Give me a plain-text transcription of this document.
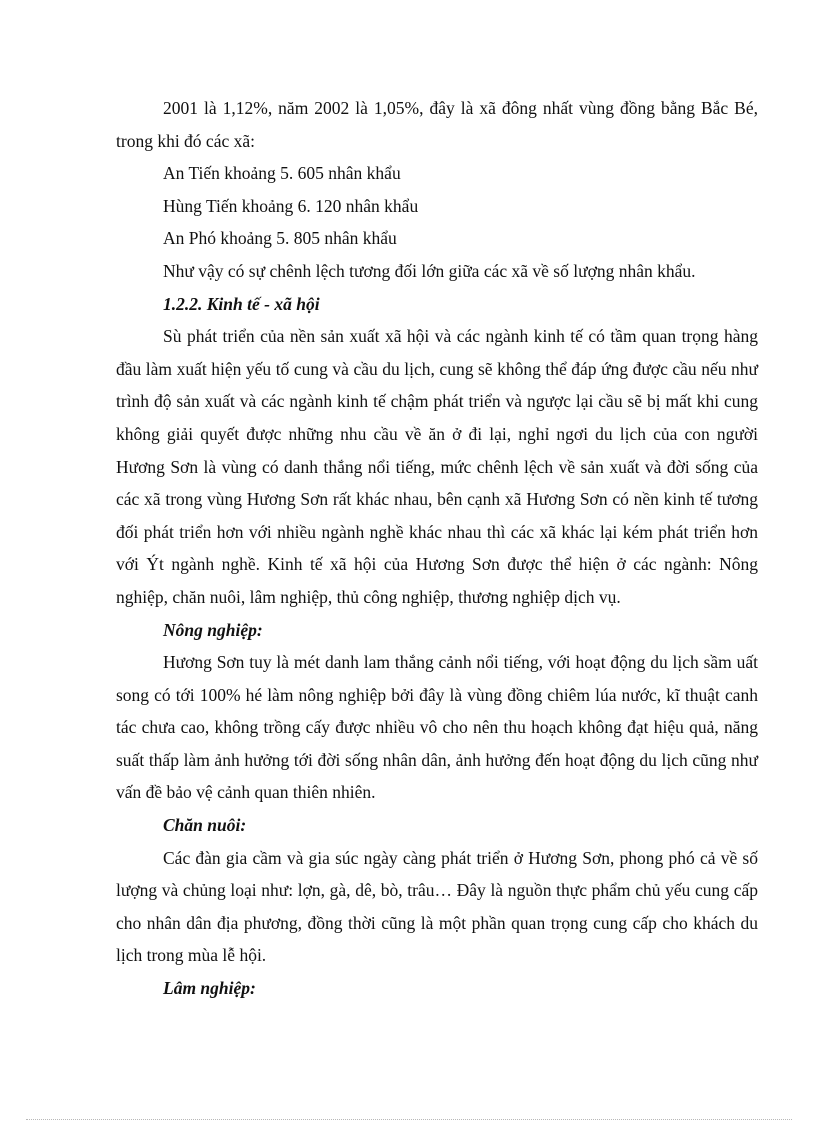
2001 là 1,12%, năm 2002 là 1,05%, đây là xã đông nhất vùng đồng bằng Bắc Bé, trong khi đó các xã:

An Tiến khoảng 5. 605 nhân khẩu

Hùng Tiến khoảng 6. 120 nhân khẩu

An Phó khoảng 5. 805 nhân khẩu

Như vậy có sự chênh lệch tương đối lớn giữa các xã về số lượng nhân khẩu.

1.2.2. Kinh tế - xã hội

Sù phát triển của nền sản xuất xã hội và các ngành kinh tế có tầm quan trọng hàng đầu làm xuất hiện yếu tố cung và cầu du lịch, cung sẽ không thể đáp ứng được cầu nếu như trình độ sản xuất và các ngành kinh tế chậm phát triển và ngược lại cầu sẽ bị mất khi cung không giải quyết được những nhu cầu về ăn ở đi lại, nghỉ ngơi du lịch của con người Hương Sơn là vùng có danh thắng nổi tiếng, mức chênh lệch về sản xuất và đời sống của các xã trong vùng Hương Sơn rất khác nhau, bên cạnh xã Hương Sơn có nền kinh tế tương đối phát triển hơn với nhiều ngành nghề khác nhau thì các xã khác lại kém phát triển hơn với Ýt ngành nghề. Kinh tế xã hội của Hương Sơn được thể hiện ở các ngành: Nông nghiệp, chăn nuôi, lâm nghiệp, thủ công nghiệp, thương nghiệp dịch vụ.

Nông nghiệp:

Hương Sơn tuy là mét danh lam thắng cảnh nổi tiếng, với hoạt động du lịch sầm uất song có tới 100% hé làm nông nghiệp bởi đây là vùng đồng chiêm lúa nước, kĩ thuật canh tác chưa cao, không trồng cấy được nhiều vô cho nên thu hoạch không đạt hiệu quả, năng suất thấp làm ảnh hưởng tới đời sống nhân dân, ảnh hưởng đến hoạt động du lịch cũng như vấn đề bảo vệ cảnh quan thiên nhiên.

Chăn nuôi:

Các đàn gia cầm và gia súc ngày càng phát triển ở Hương Sơn, phong phó cả về số lượng và chủng loại như: lợn, gà, dê, bò, trâu… Đây là nguồn thực phẩm chủ yếu cung cấp cho nhân dân địa phương, đồng thời cũng là một phần quan trọng cung cấp cho khách du lịch trong mùa lễ hội.

Lâm nghiệp:
